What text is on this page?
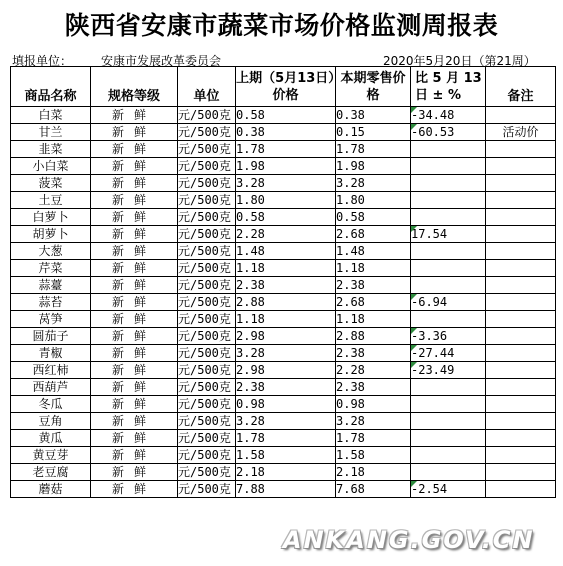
陕西省安康市蔬菜市场价格监测周报表
填报单位： 安康市发展改革委员会	2020年5月20日（第21周）
商品名称	规格等级	单位	上期（5月13日）价格	本期零售价格	比 5 月 13 日 ± %	备注
白菜	新鲜	元/500克	0.58	0.38	-34.48

甘兰	新鲜	元/500克	0.38	0.15	-60.53	活动价
韭菜	新鲜	元/500克	1.78	1.78		
小白菜	新鲜	元/500克	1.98	1.98		
菠菜	新鲜	元/500克	3.28	3.28		
土豆	新鲜	元/500克	1.80	1.80		
白萝卜	新鲜	元/500克	0.58	0.58		
胡萝卜	新鲜	元/500克	2.28	2.68	17.54

大葱	新鲜	元/500克	1.48	1.48		
芹菜	新鲜	元/500克	1.18	1.18		
蒜薹	新鲜	元/500克	2.38	2.38		
蒜苔	新鲜	元/500克	2.88	2.68	-6.94

莴笋	新鲜	元/500克	1.18	1.18		
圆茄子	新鲜	元/500克	2.98	2.88	-3.36

青椒	新鲜	元/500克	3.28	2.38	-27.44

西红柿	新鲜	元/500克	2.98	2.28	-23.49

西葫芦	新鲜	元/500克	2.38	2.38		
冬瓜	新鲜	元/500克	0.98	0.98		
豆角	新鲜	元/500克	3.28	3.28		
黄瓜	新鲜	元/500克	1.78	1.78		
黄豆芽	新鲜	元/500克	1.58	1.58		
老豆腐	新鲜	元/500克	2.18	2.18		
蘑菇	新鲜	元/500克	7.88	7.68	-2.54

ANKANG.GOV.CN
